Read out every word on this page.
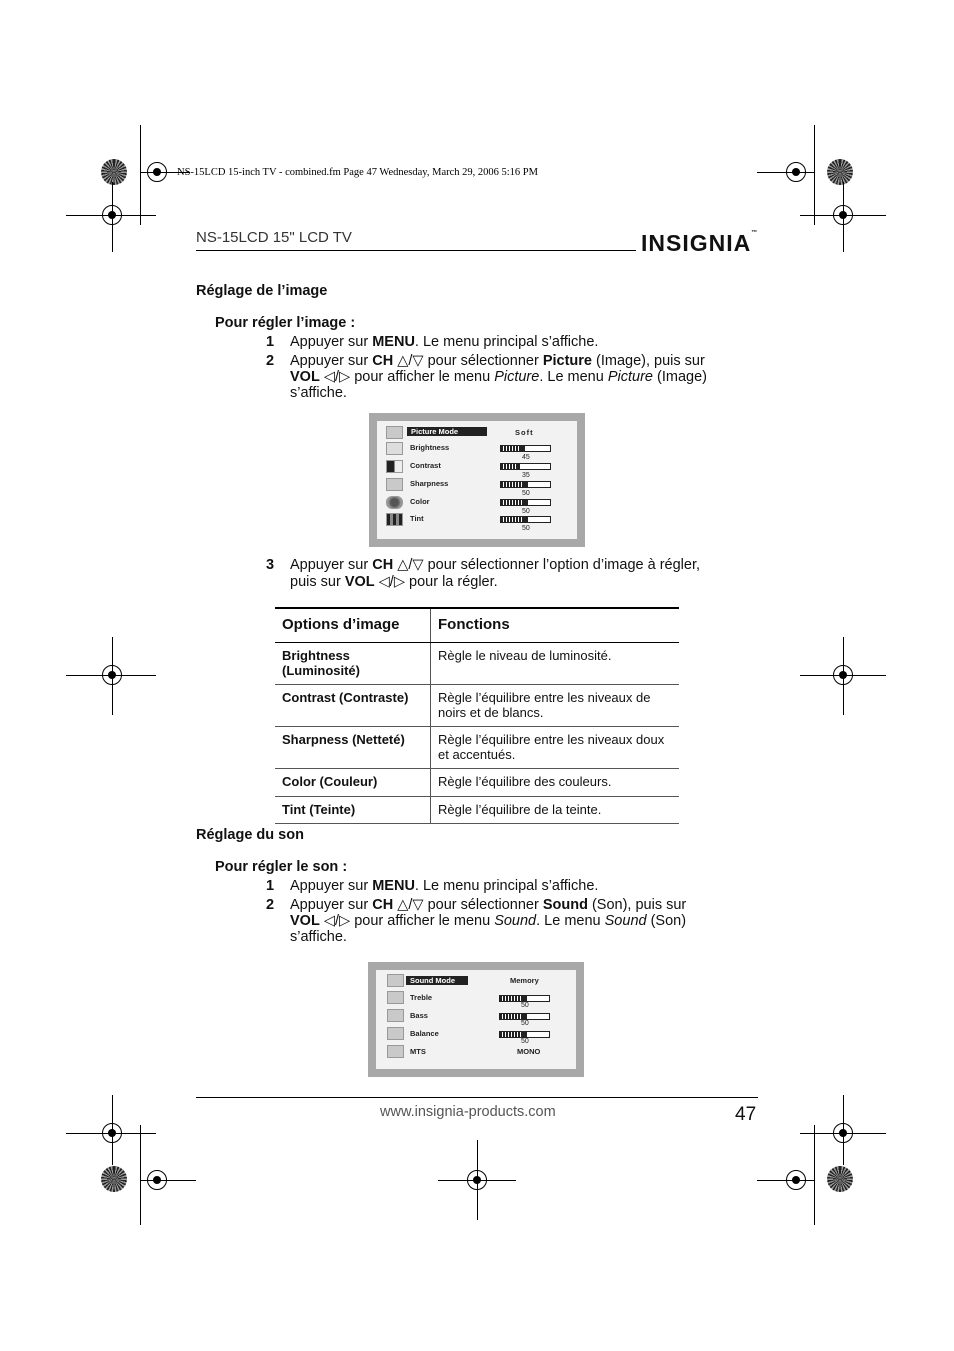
NS-15LCD 15-inch TV - combined.fm Page 47 Wednesday, March 29, 2006 5:16 PM
NS-15LCD 15" LCD TV	INSIGNIA™
Réglage de l’image
Pour régler l’image :
1 Appuyer sur MENU. Le menu principal s’affiche.
2 Appuyer sur CH △/▽ pour sélectionner Picture (Image), puis sur
VOL ◁/▷ pour afficher le menu Picture. Le menu Picture (Image)
s’affiche.
Picture Mode	Soft
Brightness
45
Contrast
35
Sharpness
50
Color
50
Tint
50
3 Appuyer sur CH △/▽ pour sélectionner l’option d’image à régler,
puis sur VOL ◁/▷ pour la régler.
Options d’image	Fonctions
Brightness (Luminosité)	Règle le niveau de luminosité.
Contrast (Contraste)	Règle l’équilibre entre les niveaux de noirs et de blancs.
Sharpness (Netteté)	Règle l’équilibre entre les niveaux doux et accentués.
Color (Couleur)	Règle l’équilibre des couleurs.
Tint (Teinte)	Règle l’équilibre de la teinte.
Réglage du son
Pour régler le son :
1 Appuyer sur MENU. Le menu principal s’affiche.
2 Appuyer sur CH △/▽ pour sélectionner Sound (Son), puis sur
VOL ◁/▷ pour afficher le menu Sound. Le menu Sound (Son)
s’affiche.
Sound Mode	Memory
Treble
50
Bass
50
Balance
50
MTS	MONO
www.insignia-products.com	47
